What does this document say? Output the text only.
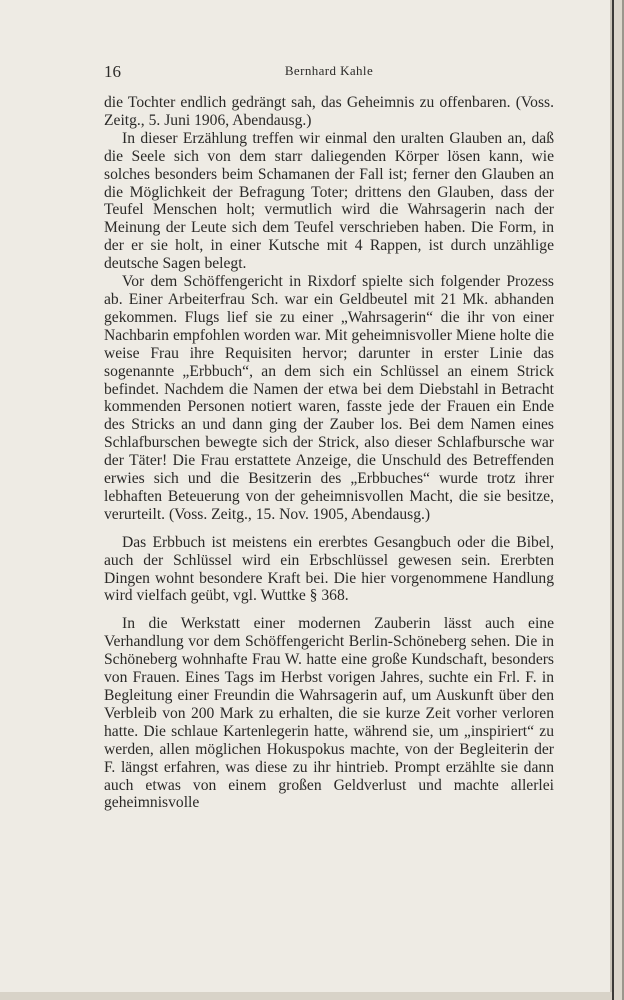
16	Bernhard Kahle

die Tochter endlich gedrängt sah, das Geheimnis zu offenbaren. (Voss. Zeitg., 5. Juni 1906, Abendausg.)

In dieser Erzählung treffen wir einmal den uralten Glauben an, daß die Seele sich von dem starr daliegenden Körper lösen kann, wie solches besonders beim Schamanen der Fall ist; ferner den Glauben an die Möglichkeit der Befragung Toter; drittens den Glauben, dass der Teufel Menschen holt; vermutlich wird die Wahrsagerin nach der Meinung der Leute sich dem Teufel verschrieben haben. Die Form, in der er sie holt, in einer Kutsche mit 4 Rappen, ist durch unzählige deutsche Sagen belegt.

Vor dem Schöffengericht in Rixdorf spielte sich folgender Prozess ab. Einer Arbeiterfrau Sch. war ein Geldbeutel mit 21 Mk. abhanden gekommen. Flugs lief sie zu einer „Wahrsagerin“ die ihr von einer Nachbarin empfohlen worden war. Mit geheimnisvoller Miene holte die weise Frau ihre Requisiten hervor; darunter in erster Linie das sogenannte „Erbbuch“, an dem sich ein Schlüssel an einem Strick befindet. Nachdem die Namen der etwa bei dem Diebstahl in Betracht kommenden Personen notiert waren, fasste jede der Frauen ein Ende des Stricks an und dann ging der Zauber los. Bei dem Namen eines Schlafburschen bewegte sich der Strick, also dieser Schlafbursche war der Täter! Die Frau erstattete Anzeige, die Unschuld des Betreffenden erwies sich und die Besitzerin des „Erbbuches“ wurde trotz ihrer lebhaften Beteuerung von der geheimnisvollen Macht, die sie besitze, verurteilt. (Voss. Zeitg., 15. Nov. 1905, Abendausg.)

Das Erbbuch ist meistens ein ererbtes Gesangbuch oder die Bibel, auch der Schlüssel wird ein Erbschlüssel gewesen sein. Ererbten Dingen wohnt besondere Kraft bei. Die hier vorgenommene Handlung wird vielfach geübt, vgl. Wuttke § 368.

In die Werkstatt einer modernen Zauberin lässt auch eine Verhandlung vor dem Schöffengericht Berlin-Schöneberg sehen. Die in Schöneberg wohnhafte Frau W. hatte eine große Kundschaft, besonders von Frauen. Eines Tags im Herbst vorigen Jahres, suchte ein Frl. F. in Begleitung einer Freundin die Wahrsagerin auf, um Auskunft über den Verbleib von 200 Mark zu erhalten, die sie kurze Zeit vorher verloren hatte. Die schlaue Kartenlegerin hatte, während sie, um „inspiriert“ zu werden, allen möglichen Hokuspokus machte, von der Begleiterin der F. längst erfahren, was diese zu ihr hintrieb. Prompt erzählte sie dann auch etwas von einem großen Geldverlust und machte allerlei geheimnisvolle
